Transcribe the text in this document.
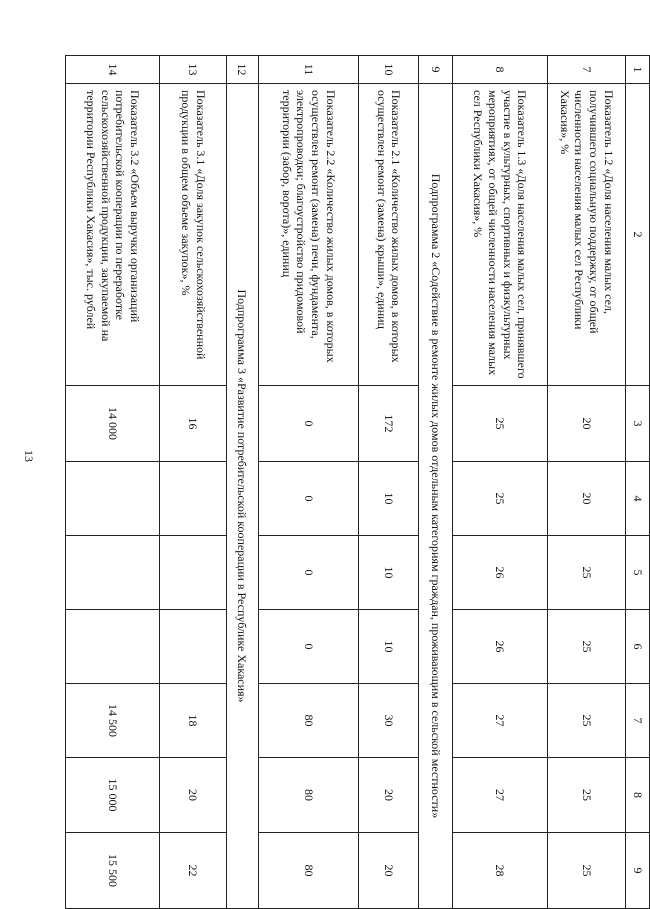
13
1	2	3	4	5	6	7	8	9
7	Показатель 1.2 «Доля населения малых сел, получившего социальную поддержку, от общей численности населения малых сел Республики Хакасия», %	20	20	25	25	25	25	25
8	Показатель 1.3 «Доля населения малых сел, принявшего участие в культурных, спортивных и физкультурных мероприятиях, от общей численности населения малых сел Республики Хакасия», %	25	25	26	26	27	27	28
9	Подпрограмма 2 «Содействие в ремонте жилых домов отдельным категориям граждан, проживающим в сельской местности»							
10	Показатель 2.1 «Количество жилых домов, в которых осуществлен ремонт (замена) крыши», единиц	172	10	10	10	30	20	20
11	Показатель 2.2 «Количество жилых домов, в которых осуществлен ремонт (замена) печи, фундамента, электропроводки; благоустройство придомовой территории (забор, ворота)», единиц	0	0	0	0	80	80	80
12	Подпрограмма 3 «Развитие потребительской кооперации в Республике Хакасия»							
13	Показатель 3.1 «Доля закупок сельскохозяйственной продукции в общем объеме закупок», %	16				18	20	22
14	Показатель 3.2 «Объем выручки организаций потребительской кооперации по переработке сельскохозяйственной продукции, закупаемой на территории Республики Хакасия», тыс. рублей	14 000				14 500	15 000	15 500
